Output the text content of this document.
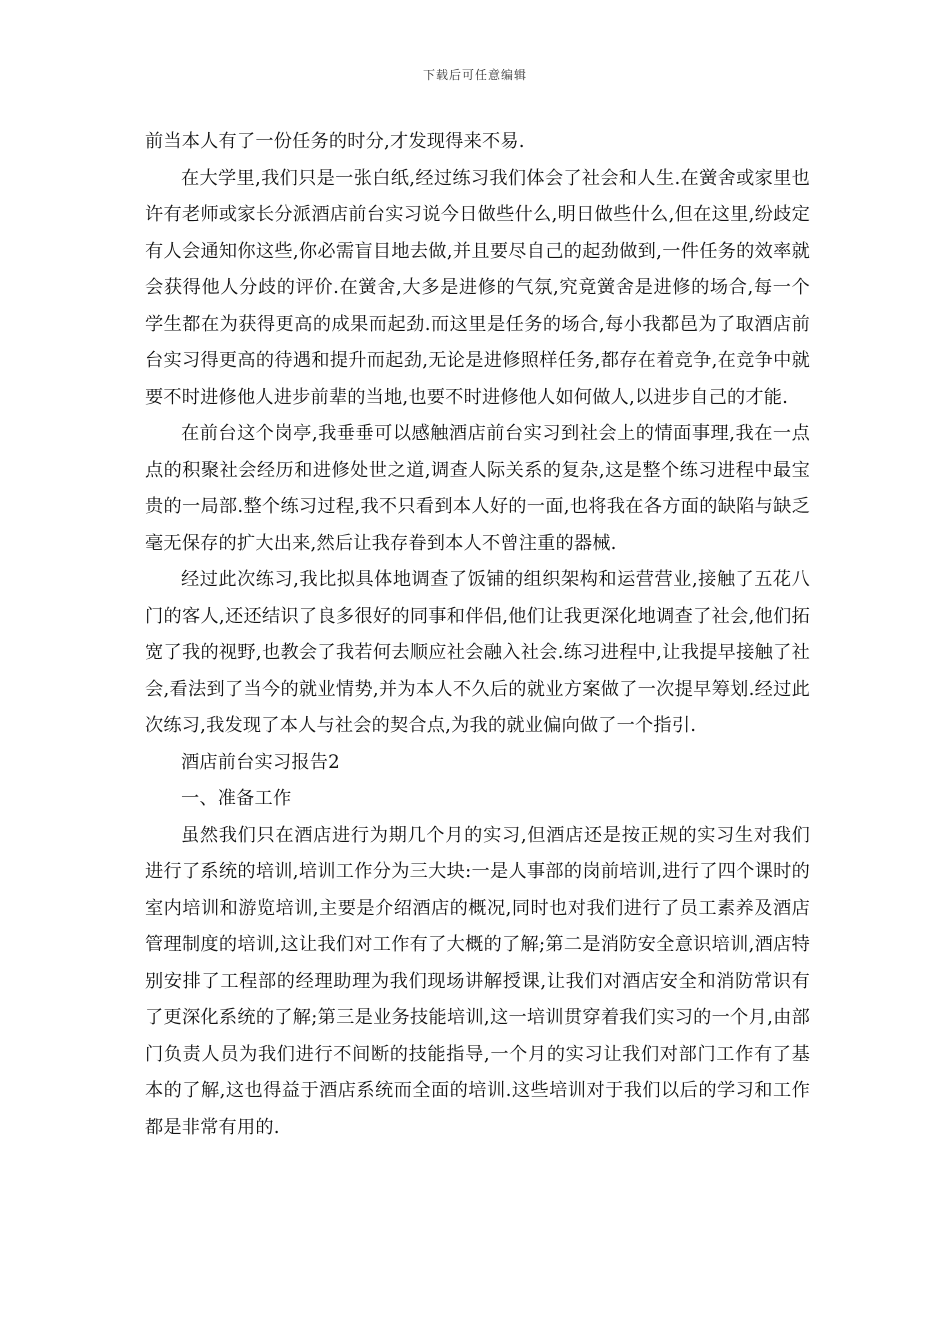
下载后可任意编辑

前当本人有了一份任务的时分,才发现得来不易.

在大学里,我们只是一张白纸,经过练习我们体会了社会和人生.在黉舍或家里也许有老师或家长分派酒店前台实习说今日做些什么,明日做些什么,但在这里,纷歧定有人会通知你这些,你必需盲目地去做,并且要尽自己的起劲做到,一件任务的效率就会获得他人分歧的评价.在黉舍,大多是进修的气氛,究竟黉舍是进修的场合,每一个学生都在为获得更高的成果而起劲.而这里是任务的场合,每小我都邑为了取酒店前台实习得更高的待遇和提升而起劲,无论是进修照样任务,都存在着竞争,在竞争中就要不时进修他人进步前辈的当地,也要不时进修他人如何做人,以进步自己的才能.

在前台这个岗亭,我垂垂可以感触酒店前台实习到社会上的情面事理,我在一点点的积聚社会经历和进修处世之道,调查人际关系的复杂,这是整个练习进程中最宝贵的一局部.整个练习过程,我不只看到本人好的一面,也将我在各方面的缺陷与缺乏毫无保存的扩大出来,然后让我存眷到本人不曾注重的器械.

经过此次练习,我比拟具体地调查了饭铺的组织架构和运营营业,接触了五花八门的客人,还还结识了良多很好的同事和伴侣,他们让我更深化地调查了社会,他们拓宽了我的视野,也教会了我若何去顺应社会融入社会.练习进程中,让我提早接触了社会,看法到了当今的就业情势,并为本人不久后的就业方案做了一次提早筹划.经过此次练习,我发现了本人与社会的契合点,为我的就业偏向做了一个指引.

酒店前台实习报告2

一、准备工作

虽然我们只在酒店进行为期几个月的实习,但酒店还是按正规的实习生对我们进行了系统的培训,培训工作分为三大块:一是人事部的岗前培训,进行了四个课时的室内培训和游览培训,主要是介绍酒店的概况,同时也对我们进行了员工素养及酒店管理制度的培训,这让我们对工作有了大概的了解;第二是消防安全意识培训,酒店特别安排了工程部的经理助理为我们现场讲解授课,让我们对酒店安全和消防常识有了更深化系统的了解;第三是业务技能培训,这一培训贯穿着我们实习的一个月,由部门负责人员为我们进行不间断的技能指导,一个月的实习让我们对部门工作有了基本的了解,这也得益于酒店系统而全面的培训.这些培训对于我们以后的学习和工作都是非常有用的.
